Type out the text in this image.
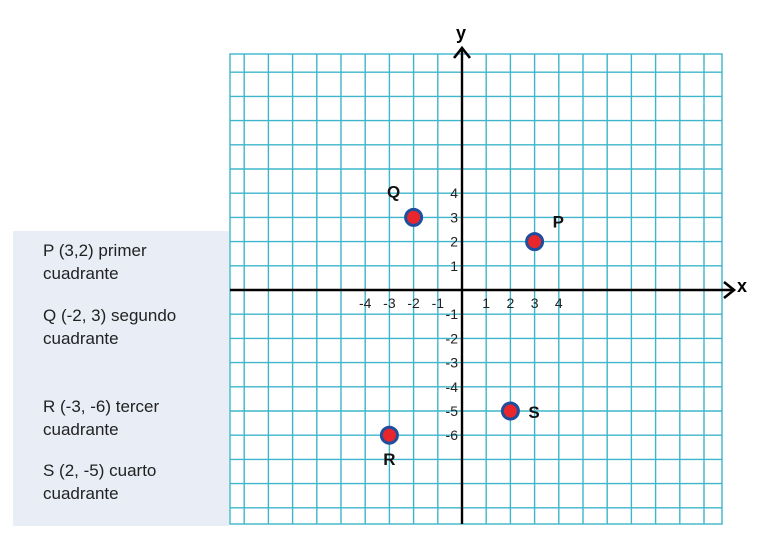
P (3,2) primer cuadrante
Q (-2, 3) segundo cuadrante
R (-3, -6) tercer cuadrante
S (2, -5) cuarto cuadrante
x
y
-4 -3 -2 -1	1 2 3 4
4
3
2
1
-1
-2
-3
-4
-5
-6
P
Q
R
S
